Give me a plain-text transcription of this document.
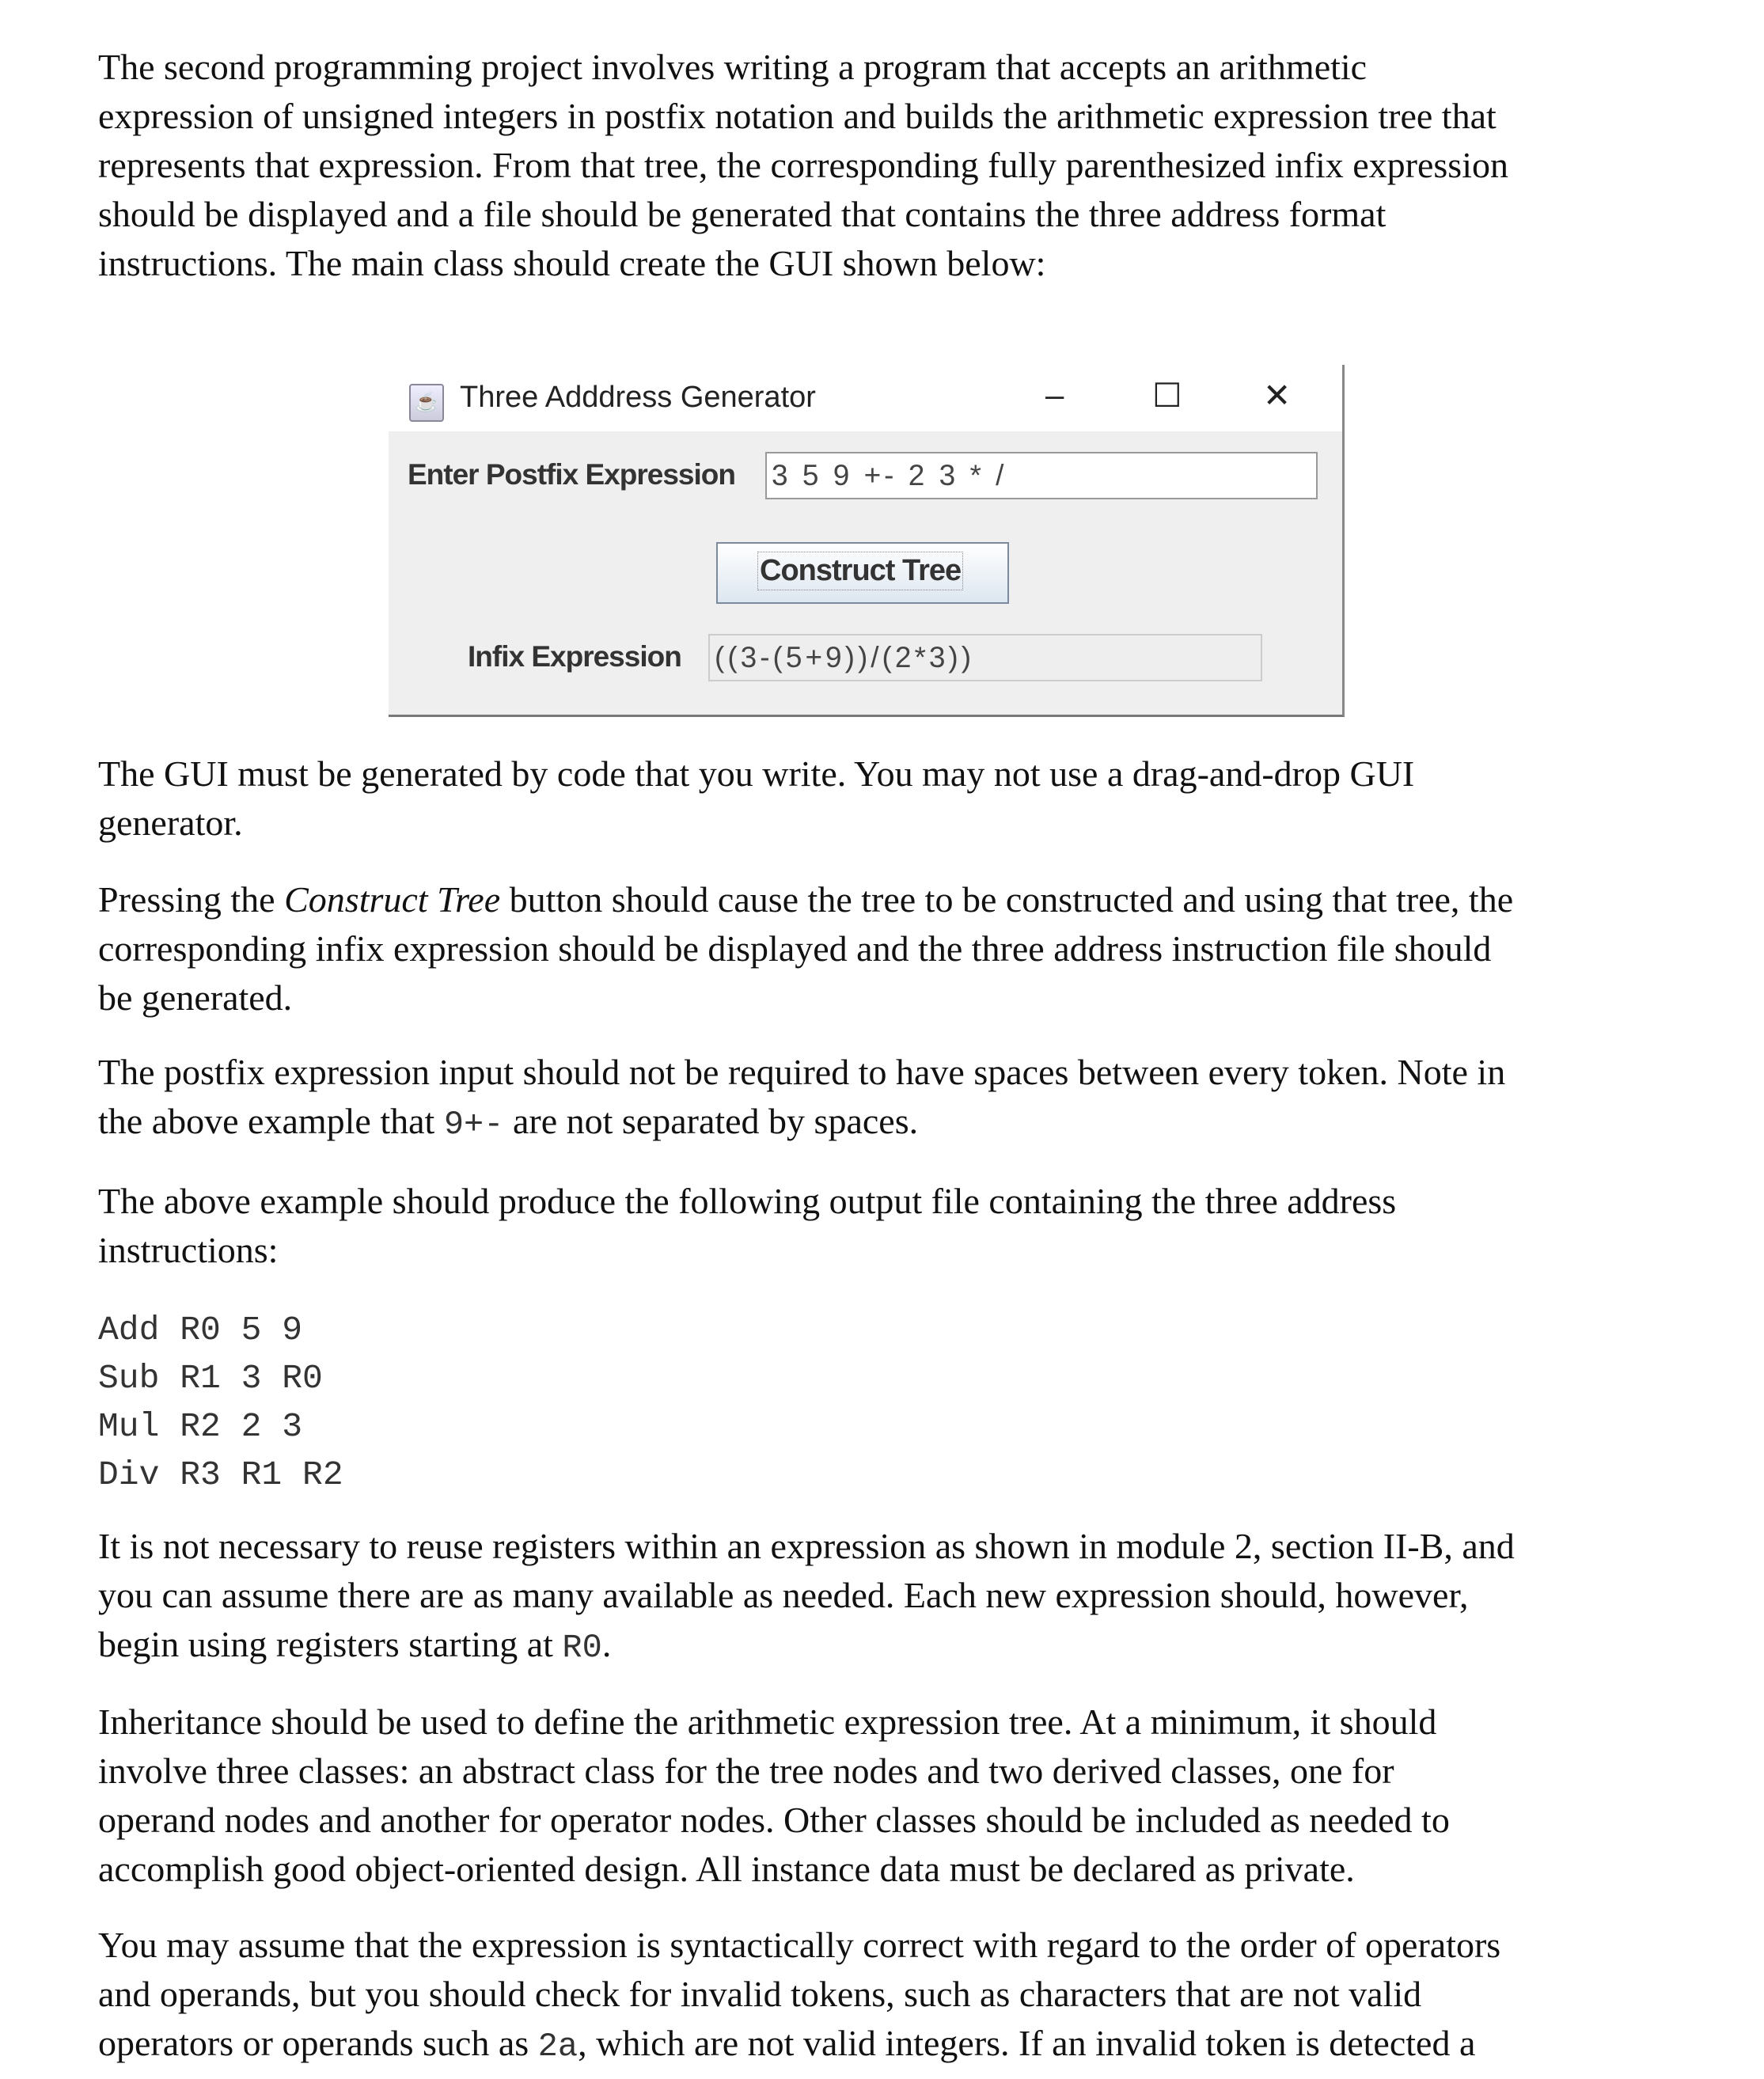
The second programming project involves writing a program that accepts an arithmetic
expression of unsigned integers in postfix notation and builds the arithmetic expression tree that
represents that expression. From that tree, the corresponding fully parenthesized infix expression
should be displayed and a file should be generated that contains the three address format
instructions. The main class should create the GUI shown below:
☕ Three Adddress Generator	–	☐ ✕
Enter Postfix Expression 3 5 9 +- 2 3 * /
Construct Tree
Infix Expression ((3-(5+9))/(2*3))
The GUI must be generated by code that you write. You may not use a drag-and-drop GUI
generator.
Pressing the Construct Tree button should cause the tree to be constructed and using that tree, the
corresponding infix expression should be displayed and the three address instruction file should
be generated.
The postfix expression input should not be required to have spaces between every token. Note in
the above example that 9+- are not separated by spaces.
The above example should produce the following output file containing the three address
instructions:
Add R0 5 9
Sub R1 3 R0
Mul R2 2 3
Div R3 R1 R2
It is not necessary to reuse registers within an expression as shown in module 2, section II-B, and
you can assume there are as many available as needed. Each new expression should, however,
begin using registers starting at R0.
Inheritance should be used to define the arithmetic expression tree. At a minimum, it should
involve three classes: an abstract class for the tree nodes and two derived classes, one for
operand nodes and another for operator nodes. Other classes should be included as needed to
accomplish good object-oriented design. All instance data must be declared as private.
You may assume that the expression is syntactically correct with regard to the order of operators
and operands, but you should check for invalid tokens, such as characters that are not valid
operators or operands such as 2a, which are not valid integers. If an invalid token is detected a
